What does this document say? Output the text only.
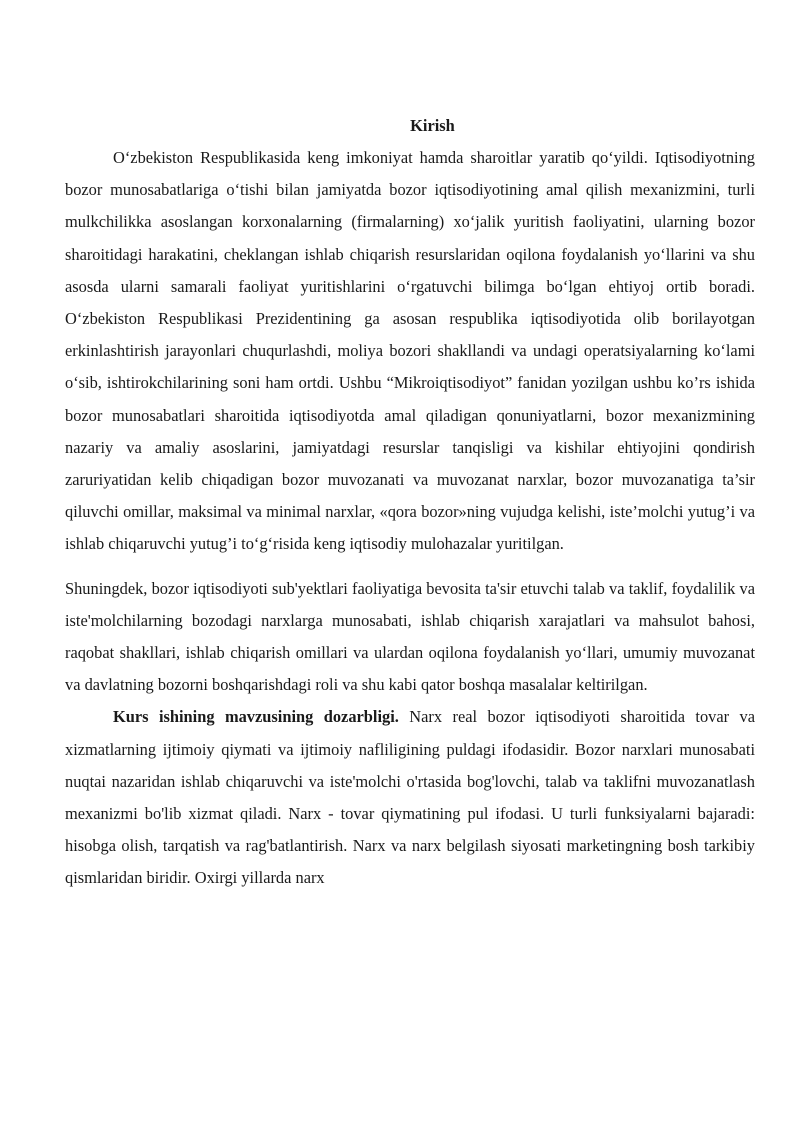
Kirish

O‘zbekiston Respublikasida keng imkoniyat hamda sharoitlar yaratib qo‘yildi. Iqtisodiyotning bozor munosabatlariga o‘tishi bilan jamiyatda bozor iqtisodiyotining amal qilish mexanizmini, turli mulkchilikka asoslangan korxonalarning (firmalarning) xo‘jalik yuritish faoliyatini, ularning bozor sharoitidagi harakatini, cheklangan ishlab chiqarish resurslaridan oqilona foydalanish yo‘llarini va shu asosda ularni samarali faoliyat yuritishlarini o‘rgatuvchi bilimga bo‘lgan ehtiyoj ortib boradi. O‘zbekiston Respublikasi Prezidentining ga asosan respublika iqtisodiyotida olib borilayotgan erkinlashtirish jarayonlari chuqurlashdi, moliya bozori shakllandi va undagi operatsiyalarning ko‘lami o‘sib, ishtirokchilarining soni ham ortdi. Ushbu “Mikroiqtisodiyot” fanidan yozilgan ushbu ko’rs ishida bozor munosabatlari sharoitida iqtisodiyotda amal qiladigan qonuniyatlarni, bozor mexanizmining nazariy va amaliy asoslarini, jamiyatdagi resurslar tanqisligi va kishilar ehtiyojini qondirish zaruriyatidan kelib chiqadigan bozor muvozanati va muvozanat narxlar, bozor muvozanatiga ta’sir qiluvchi omillar, maksimal va minimal narxlar, «qora bozor»ning vujudga kelishi, iste’molchi yutug’i va ishlab chiqaruvchi yutug’i to‘g‘risida keng iqtisodiy mulohazalar yuritilgan.

Shuningdek, bozor iqtisodiyoti sub'yektlari faoliyatiga bevosita ta'sir etuvchi talab va taklif, foydalilik va iste'molchilarning bozodagi narxlarga munosabati, ishlab chiqarish xarajatlari va mahsulot bahosi, raqobat shakllari, ishlab chiqarish omillari va ulardan oqilona foydalanish yo‘llari, umumiy muvozanat va davlatning bozorni boshqarishdagi roli va shu kabi qator boshqa masalalar keltirilgan.

Kurs ishining mavzusining dozarbligi. Narx real bozor iqtisodiyoti sharoitida tovar va xizmatlarning ijtimoiy qiymati va ijtimoiy nafliligining puldagi ifodasidir. Bozor narxlari munosabati nuqtai nazaridan ishlab chiqaruvchi va iste'molchi o'rtasida bog'lovchi, talab va taklifni muvozanatlash mexanizmi bo'lib xizmat qiladi. Narx - tovar qiymatining pul ifodasi. U turli funksiyalarni bajaradi: hisobga olish, tarqatish va rag'batlantirish. Narx va narx belgilash siyosati marketingning bosh tarkibiy qismlaridan biridir. Oxirgi yillarda narx
